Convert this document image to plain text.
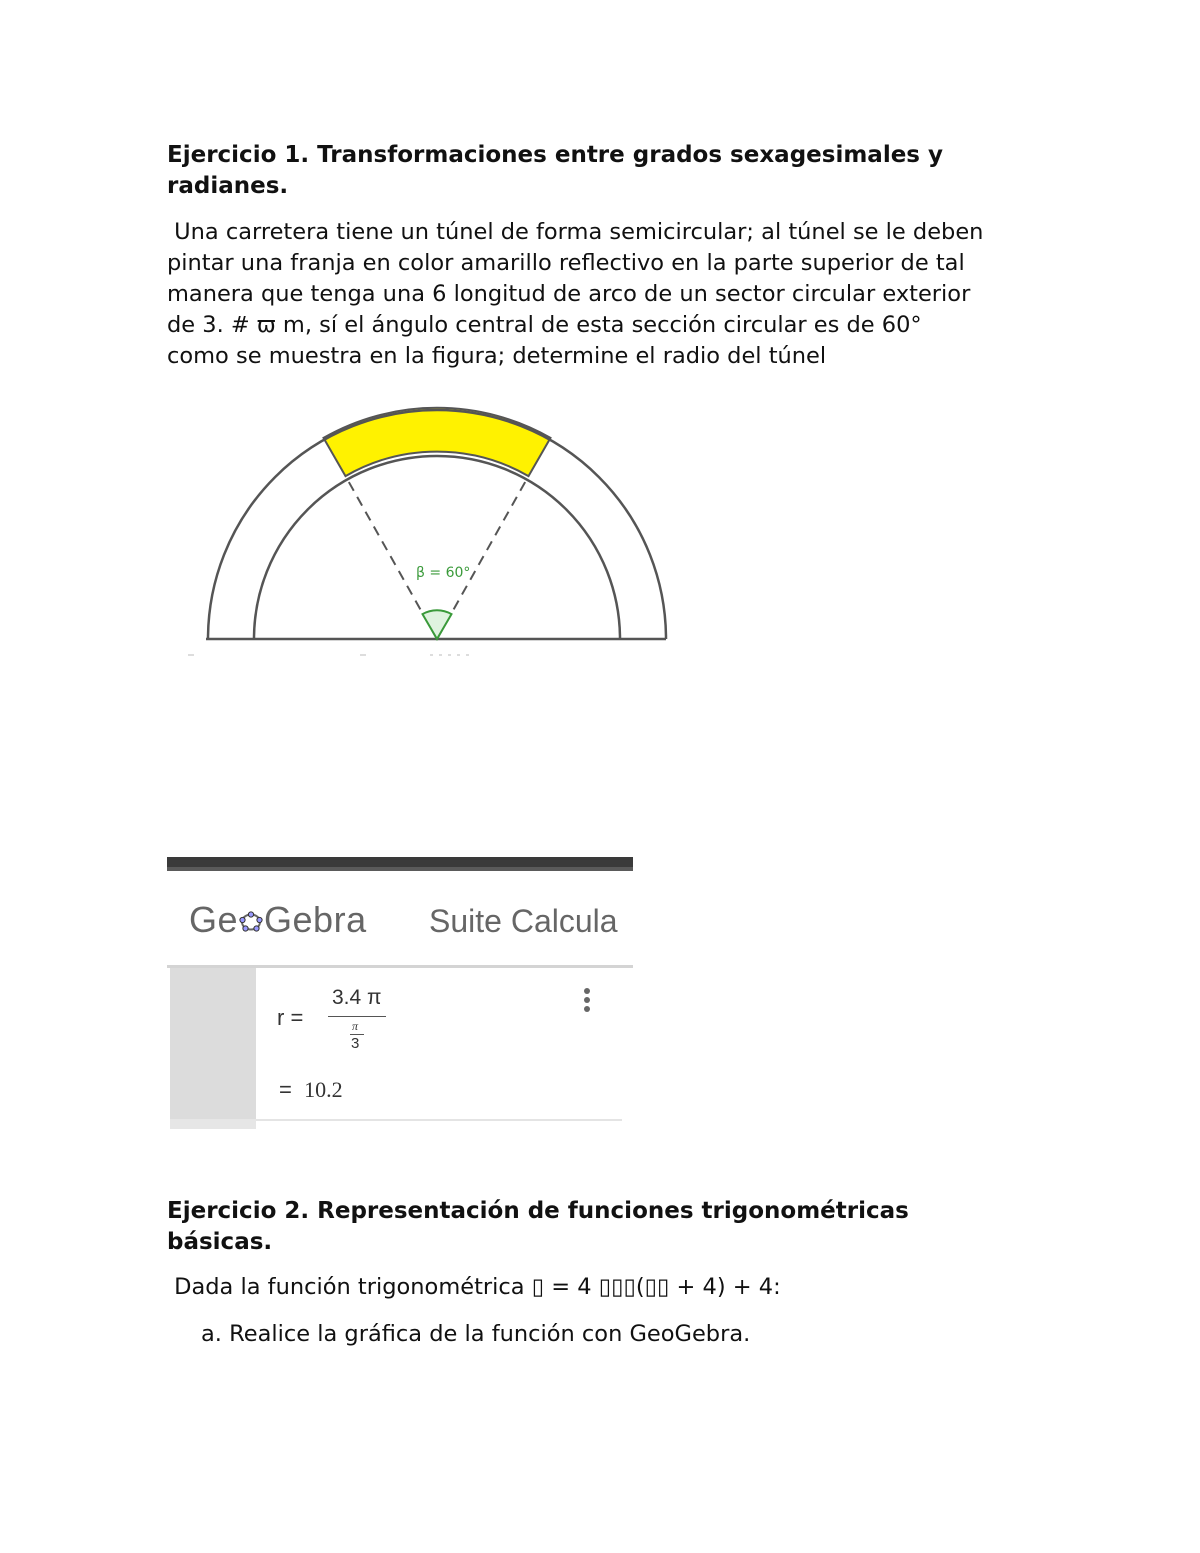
Ejercicio 1. Transformaciones entre grados sexagesimales y
radianes.
Una carretera tiene un túnel de forma semicircular; al túnel se le deben
pintar una franja en color amarillo reflectivo en la parte superior de tal
manera que tenga una 6 longitud de arco de un sector circular exterior
de 3. # ϖ m, sí el ángulo central de esta sección circular es de 60°
como se muestra en la figura; determine el radio del túnel
β = 60°
Ge Gebra Suite Calcula
r =
3.4 π
π
3
= 10.2
Ejercicio 2. Representación de funciones trigonométricas
básicas.
Dada la función trigonométrica ▯ = 4 ▯▯▯(▯▯ + 4) + 4:
a. Realice la gráfica de la función con GeoGebra.
